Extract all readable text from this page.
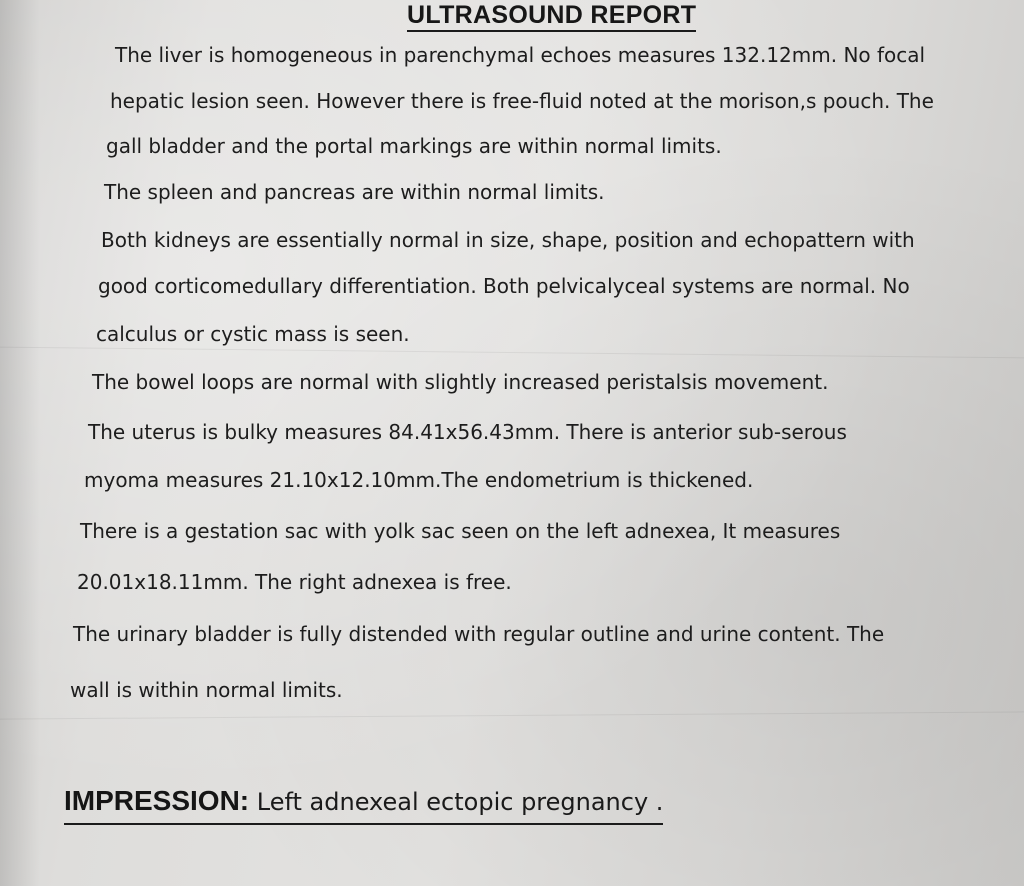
ULTRASOUND REPORT
The liver is homogeneous in parenchymal echoes measures 132.12mm. No focal
hepatic lesion seen. However there is free-fluid noted at the morison,s pouch. The
gall bladder and the portal markings are within normal limits.
The spleen and pancreas are within normal limits.
Both kidneys are essentially normal in size, shape, position and echopattern with
good corticomedullary differentiation. Both pelvicalyceal systems are normal. No
calculus or cystic mass is seen.
The bowel loops are normal with slightly increased peristalsis movement.
The uterus is bulky measures 84.41x56.43mm. There is anterior sub-serous
myoma measures 21.10x12.10mm.The endometrium is thickened.
There is a gestation sac with yolk sac seen on the left adnexea, It measures
20.01x18.11mm. The right adnexea is free.
The urinary bladder is fully distended with regular outline and urine content. The
wall is within normal limits.
IMPRESSION: Left adnexeal ectopic pregnancy .
